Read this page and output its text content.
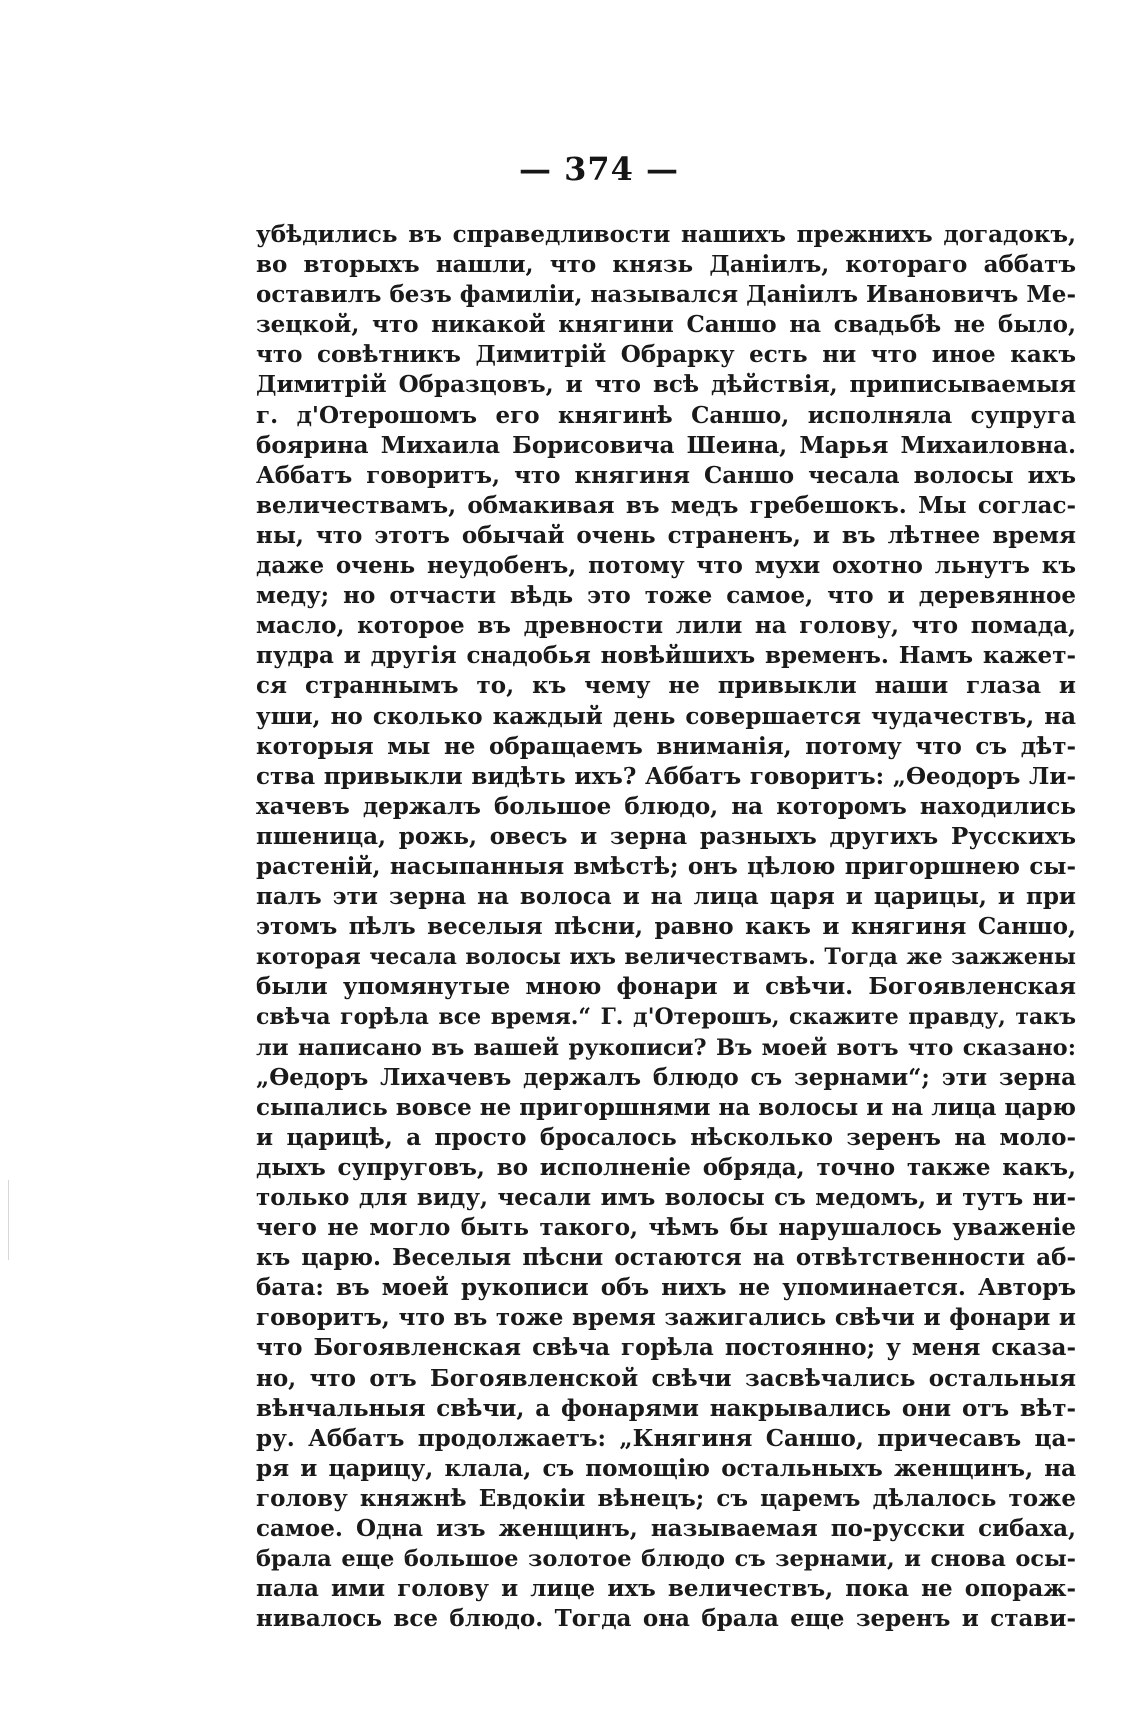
— 374 —
убѣдились въ справедливости нашихъ прежнихъ догадокъ,
во вторыхъ нашли, что князь Даніилъ, котораго аббатъ
оставилъ безъ фамиліи, назывался Даніилъ Ивановичъ Ме-
зецкой, что никакой княгини Саншо на свадьбѣ не было,
что совѣтникъ Димитрій Обрарку есть ни что иное какъ
Димитрій Образцовъ, и что всѣ дѣйствія, приписываемыя
г. д'Отерошомъ его княгинѣ Саншо, исполняла супруга
боярина Михаила Борисовича Шеина, Марья Михаиловна.
Аббатъ говоритъ, что княгиня Саншо чесала волосы ихъ
величествамъ, обмакивая въ медъ гребешокъ. Мы соглас-
ны, что этотъ обычай очень страненъ, и въ лѣтнее время
даже очень неудобенъ, потому что мухи охотно льнутъ къ
меду; но отчасти вѣдь это тоже самое, что и деревянное
масло, которое въ древности лили на голову, что помада,
пудра и другія снадобья новѣйшихъ временъ. Намъ кажет-
ся страннымъ то, къ чему не привыкли наши глаза и
уши, но сколько каждый день совершается чудачествъ, на
которыя мы не обращаемъ вниманія, потому что съ дѣт-
ства привыкли видѣть ихъ? Аббатъ говоритъ: „Ѳеодоръ Ли-
хачевъ держалъ большое блюдо, на которомъ находились
пшеница, рожь, овесъ и зерна разныхъ другихъ Русскихъ
растеній, насыпанныя вмѣстѣ; онъ цѣлою пригоршнею сы-
палъ эти зерна на волоса и на лица царя и царицы, и при
этомъ пѣлъ веселыя пѣсни, равно какъ и княгиня Саншо,
которая чесала волосы ихъ величествамъ. Тогда же зажжены
были упомянутые мною фонари и свѣчи. Богоявленская
свѣча горѣла все время.“ Г. д'Отерошъ, скажите правду, такъ
ли написано въ вашей рукописи? Въ моей вотъ что сказано:
„Ѳедоръ Лихачевъ держалъ блюдо съ зернами“; эти зерна
сыпались вовсе не пригоршнями на волосы и на лица царю
и царицѣ, а просто бросалось нѣсколько зеренъ на моло-
дыхъ супруговъ, во исполненіе обряда, точно также какъ,
только для виду, чесали имъ волосы съ медомъ, и тутъ ни-
чего не могло быть такого, чѣмъ бы нарушалось уваженіе
къ царю. Веселыя пѣсни остаются на отвѣтственности аб-
бата: въ моей рукописи объ нихъ не упоминается. Авторъ
говоритъ, что въ тоже время зажигались свѣчи и фонари и
что Богоявленская свѣча горѣла постоянно; у меня сказа-
но, что отъ Богоявленской свѣчи засвѣчались остальныя
вѣнчальныя свѣчи, а фонарями накрывались они отъ вѣт-
ру. Аббатъ продолжаетъ: „Княгиня Саншо, причесавъ ца-
ря и царицу, клала, съ помощію остальныхъ женщинъ, на
голову княжнѣ Евдокіи вѣнецъ; съ царемъ дѣлалось тоже
самое. Одна изъ женщинъ, называемая по-русски сибаха,
брала еще большое золотое блюдо съ зернами, и снова осы-
пала ими голову и лице ихъ величествъ, пока не опораж-
нивалось все блюдо. Тогда она брала еще зеренъ и стави-
